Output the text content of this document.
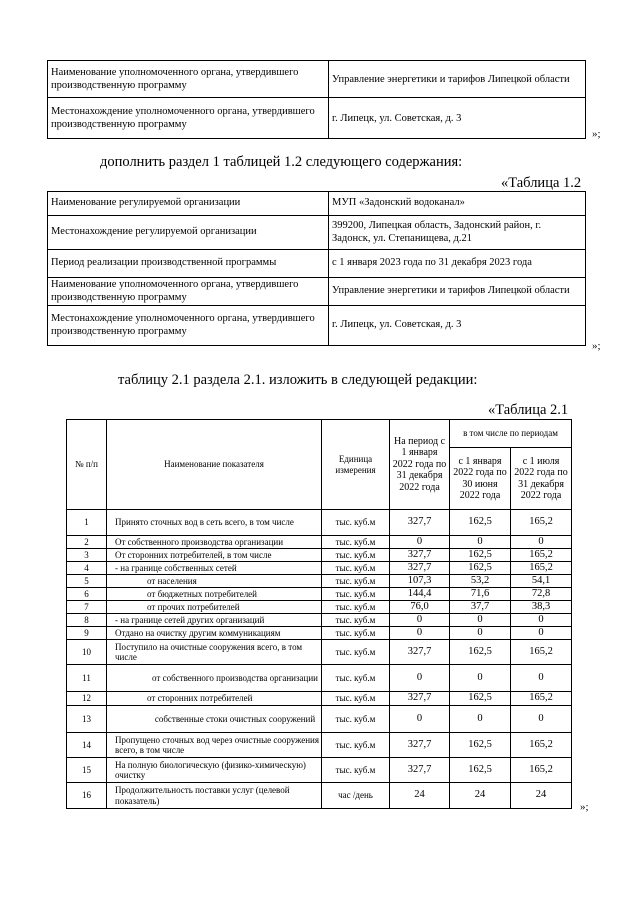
Наименование уполномоченного органа, утвердившего производственную программу	Управление энергетики и тарифов Липецкой области
Местонахождение уполномоченного органа, утвердившего производственную программу	г. Липецк, ул. Советская, д. 3
»;
дополнить раздел 1 таблицей 1.2 следующего содержания:
«Таблица 1.2
Наименование регулируемой организации	МУП «Задонский водоканал»
Местонахождение регулируемой организации	399200, Липецкая область, Задонский район, г. Задонск, ул. Степанищева, д.21
Период реализации производственной программы	с 1 января 2023 года по 31 декабря 2023 года
Наименование уполномоченного органа, утвердившего производственную программу	Управление энергетики и тарифов Липецкой области
Местонахождение уполномоченного органа, утвердившего производственную программу	г. Липецк, ул. Советская, д. 3
»;
таблицу 2.1 раздела 2.1. изложить в следующей редакции:
«Таблица 2.1
№ п/п	Наименование показателя	Единица измерения	На период с 1 января 2022 года по 31 декабря 2022 года	в том числе по периодам	
				с 1 января 2022 года по 30 июня 2022 года	с 1 июля 2022 года по 31 декабря 2022 года
1	Принято сточных вод в сеть всего, в том числе	тыс. куб.м	327,7	162,5	165,2
2	От собственного производства организации	тыс. куб.м	0	0	0
3	От сторонних потребителей, в том числе	тыс. куб.м	327,7	162,5	165,2
4	- на границе собственных сетей	тыс. куб.м	327,7	162,5	165,2
5	от населения	тыс. куб.м	107,3	53,2	54,1
6	от бюджетных потребителей	тыс. куб.м	144,4	71,6	72,8
7	от прочих потребителей	тыс. куб.м	76,0	37,7	38,3
8	- на границе сетей других организаций	тыс. куб.м	0	0	0
9	Отдано на очистку другим коммуникациям	тыс. куб.м	0	0	0
10	Поступило на очистные сооружения всего, в том числе	тыс. куб.м	327,7	162,5	165,2
11	от собственного производства организации	тыс. куб.м	0	0	0
12	от сторонних потребителей	тыс. куб.м	327,7	162,5	165,2
13	собственные стоки очистных сооружений	тыс. куб.м	0	0	0
14	Пропущено сточных вод через очистные сооружения всего, в том числе	тыс. куб.м	327,7	162,5	165,2
15	На полную биологическую (физико-химическую) очистку	тыс. куб.м	327,7	162,5	165,2
16	Продолжительность поставки услуг (целевой показатель)	час /день	24	24	24
»;
